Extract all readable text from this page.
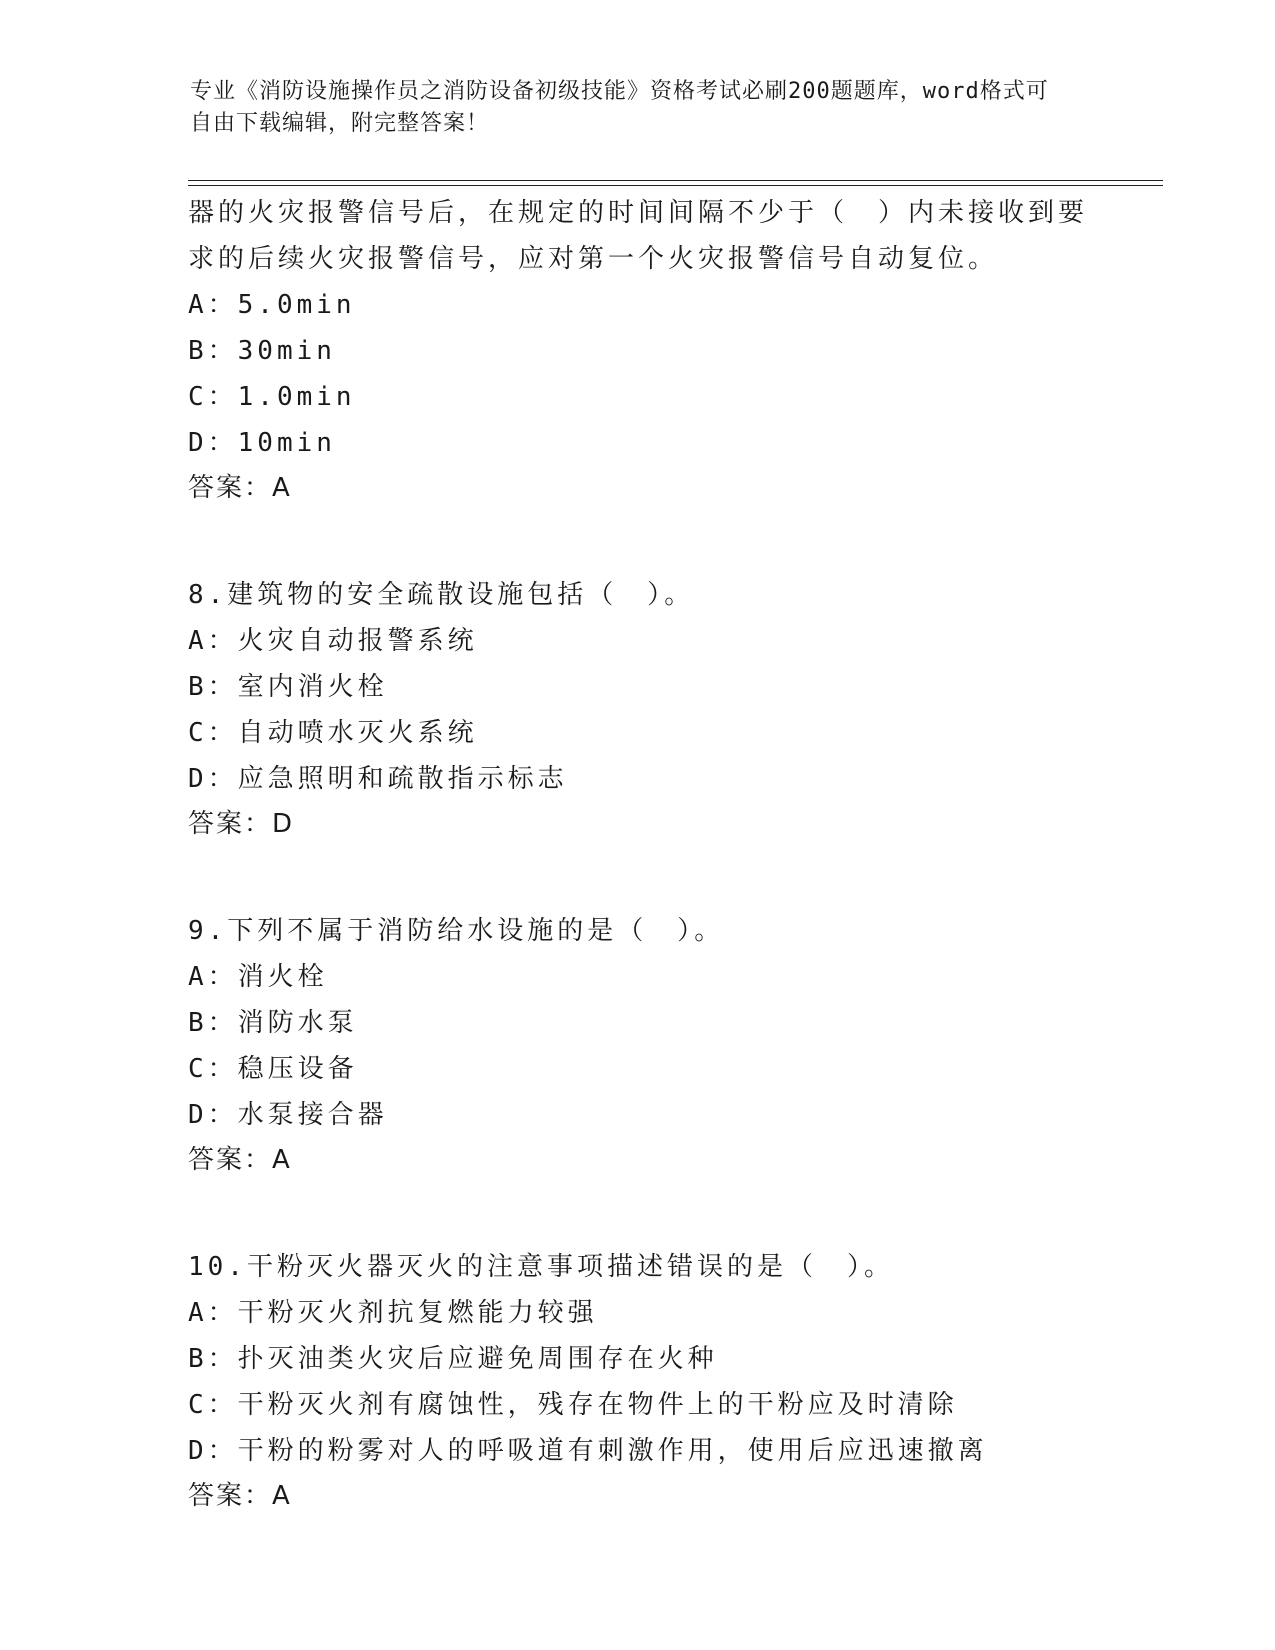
专业《消防设施操作员之消防设备初级技能》资格考试必刷200题题库，word格式可自由下载编辑，附完整答案！
器的火灾报警信号后，在规定的时间间隔不少于（　）内未接收到要
求的后续火灾报警信号，应对第一个火灾报警信号自动复位。
A：5.0min
B：30min
C：1.0min
D：10min
答案：A
8.建筑物的安全疏散设施包括（　）。
A：火灾自动报警系统
B：室内消火栓
C：自动喷水灭火系统
D：应急照明和疏散指示标志
答案：D
9.下列不属于消防给水设施的是（　）。
A：消火栓
B：消防水泵
C：稳压设备
D：水泵接合器
答案：A
10.干粉灭火器灭火的注意事项描述错误的是（　）。
A：干粉灭火剂抗复燃能力较强
B：扑灭油类火灾后应避免周围存在火种
C：干粉灭火剂有腐蚀性，残存在物件上的干粉应及时清除
D：干粉的粉雾对人的呼吸道有刺激作用，使用后应迅速撤离
答案：A
